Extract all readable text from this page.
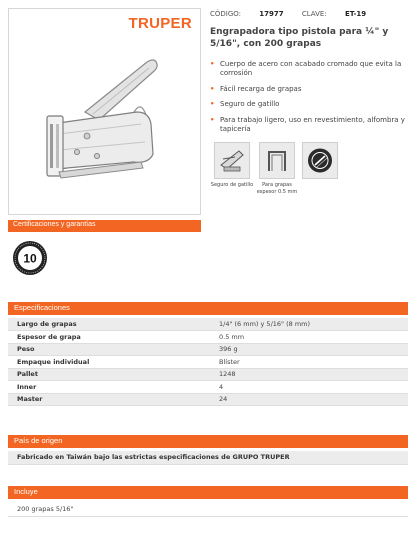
TRUPER
CÓDIGO:	17977	CLAVE:	ET-19
Engrapadora tipo pistola para ¼" y 5/16", con 200 grapas
• Cuerpo de acero con acabado cromado que evita la corrosión
• Fácil recarga de grapas
• Seguro de gatillo
• Para trabajo ligero, uso en revestimiento, alfombra y tapicería
Seguro de gatillo	Para grapas espesor 0.5 mm
Certificaciones y garantías
10
Especificaciones
Largo de grapas	1/4" (6 mm) y 5/16" (8 mm)
Espesor de grapa	0.5 mm
Peso	396 g
Empaque individual	Blíster
Pallet	1248
Inner	4
Master	24
País de origen
Fabricado en Taiwán bajo las estrictas especificaciones de GRUPO TRUPER
Incluye
200 grapas 5/16"
